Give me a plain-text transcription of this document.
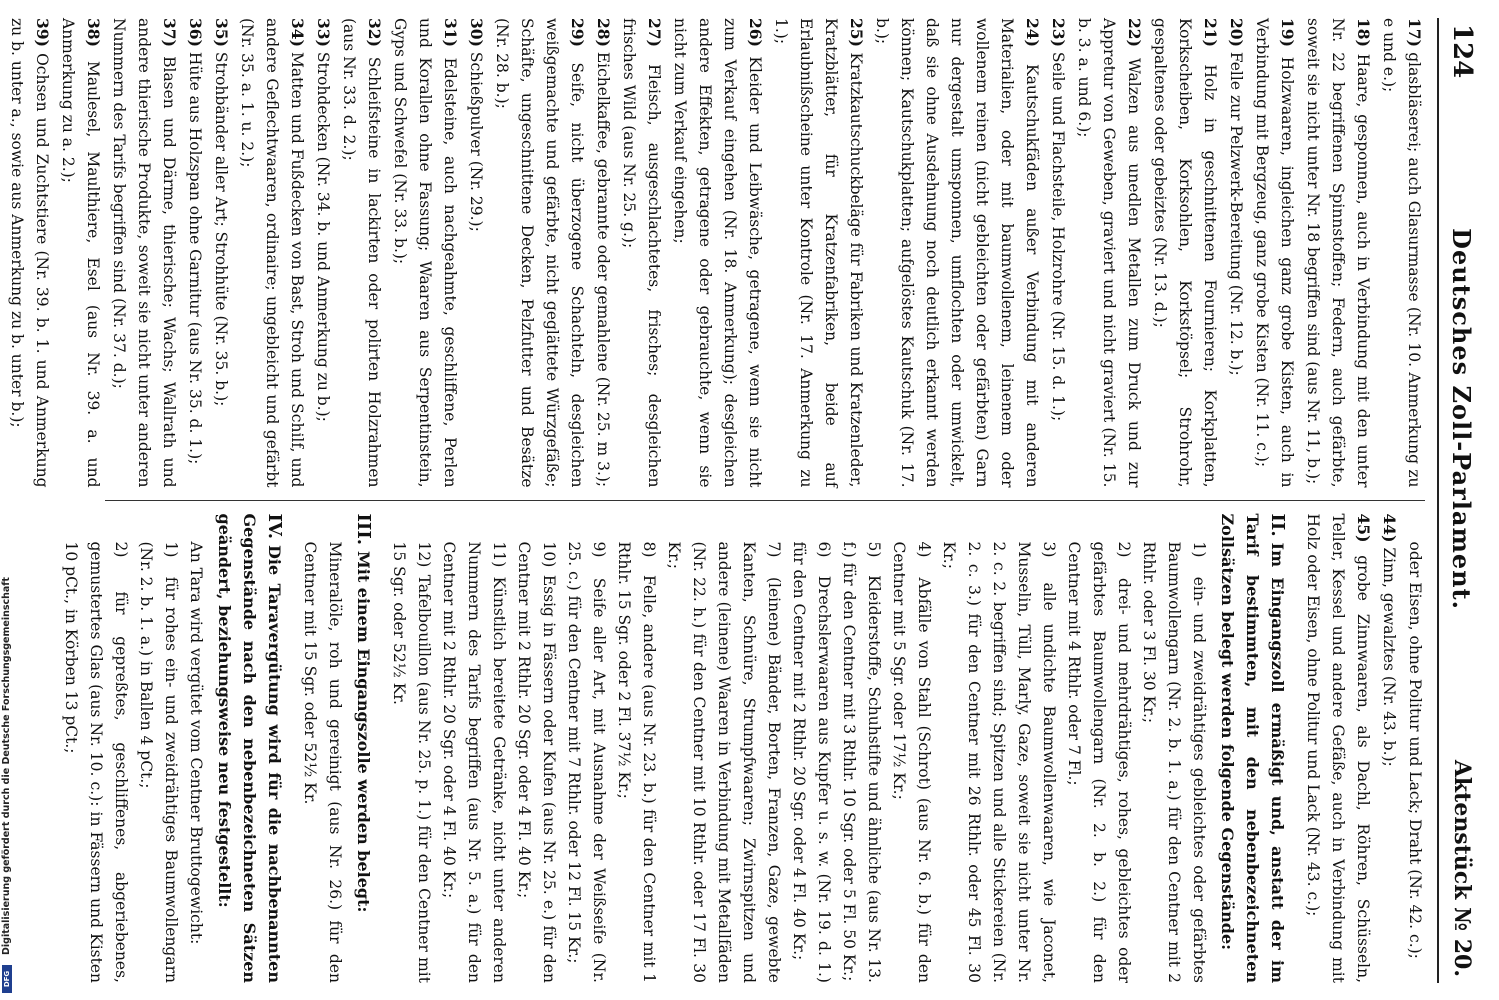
Digitalisierung gefördert durch die Deutsche Forschungsgemeinschaft
DFG
124
Deutsches Zoll-Parlament.
Aktenstück № 20.

17) glasbläserei; auch Glasurmasse (Nr. 10. Anmerkung zu e und e.);

18) Haare, gesponnen, auch in Verbindung mit den unter Nr. 22 begriffenen Spinnstoffen; Federn, auch gefärbte, soweit sie nicht unter Nr. 18 begriffen sind (aus Nr. 11, b.);

19) Holzwaaren, ingleichen ganz grobe Kisten, auch in Verbindung mit Bergzeug, ganz grobe Kisten (Nr. 11. c.);

20) Felle zur Pelzwerk-Bereitung (Nr. 12. b.);

21) Holz in geschnittenen Fournieren; Korkplatten, Korkscheiben, Korksohlen, Korkstöpsel; Strohrohr, gespaltenes oder gebeiztes (Nr. 13. d.);

22) Walzen aus unedlen Metallen zum Druck und zur Appretur von Geweben, graviert und nicht graviert (Nr. 15. b. 3. a. und 6.);

23) Seile und Flachsteile, Holzrohre (Nr. 15. d. 1.);

24) Kautschukfäden außer Verbindung mit anderen Materialien, oder mit baumwollenem, leinenem oder wollenem reinen (nicht gebleichten oder gefärbten) Garn nur dergestalt umsponnen, umflochten oder umwickelt, daß sie ohne Ausdehnung noch deutlich erkannt werden können; Kautschukplatten; aufgelöstes Kautschuk (Nr. 17. b.);

25) Kratzkautschuckbeläge für Fabriken und Kratzenleder, Kratzblätter, für Kratzenfabriken, beide auf Erlaubnißscheine unter Kontrole (Nr. 17. Anmerkung zu 1.);

26) Kleider und Leibwäsche, getragene, wenn sie nicht zum Verkauf eingehen (Nr. 18. Anmerkung); desgleichen andere Effekten, getragene oder gebrauchte, wenn sie nicht zum Verkauf eingehen;

27) Fleisch, ausgeschlachtetes, frisches; desgleichen frisches Wild (aus Nr. 25. g.);

28) Eichelkaffee, gebrannte oder gemahlene (Nr. 25. m 3.);

29) Seife, nicht überzogene Schachteln, desgleichen weißgemachte und gefärbte, nicht geglättete Würzgefäße; Schäfte, ungeschnittene Decken, Pelzfutter und Besätze (Nr. 28. b.);

30) Schießpulver (Nr. 29.);

31) Edelsteine, auch nachgeahmte, geschliffene, Perlen und Korallen ohne Fassung; Waaren aus Serpentinstein, Gyps und Schwefel (Nr. 33. b.);

32) Schleifsteine in lackirten oder polirten Holzrahmen (aus Nr. 33. d. 2.);

33) Strohdecken (Nr. 34. b. und Anmerkung zu b.);

34) Matten und Fußdecken von Bast, Stroh und Schilf, und andere Geflechtwaaren, ordinaire; ungebleicht und gefärbt (Nr. 35. a. 1. u. 2.);

35) Strohbänder aller Art; Strohhüte (Nr. 35. b.);

36) Hüte aus Holzspan ohne Garnitur (aus Nr. 35. d. 1.);

37) Blasen und Därme, thierische; Wachs; Wallrath und andere thierische Produkte, soweit sie nicht unter anderen Nummern des Tarifs begriffen sind (Nr. 37. d.);

38) Maulesel, Maulthiere, Esel (aus Nr. 39. a. und Anmerkung zu a. 2.);

39) Ochsen und Zuchtstiere (Nr. 39. b. 1. und Anmerkung zu b. unter a., sowie aus Anmerkung zu b. unter b.);

oder Eisen, ohne Politur und Lack; Draht (Nr. 42. c.);

44) Zinn, gewalztes (Nr. 43. b.);

45) grobe Zinnwaaren, als Dachl, Röhren, Schüsseln, Teller, Kessel und andere Gefäße, auch in Verbindung mit Holz oder Eisen, ohne Politur und Lack (Nr. 43. c.);

II.Im Eingangszoll ermäßigt und, anstatt der im Tarif bestimmten, mit den nebenbezeichneten Zollsätzen belegt werden folgende Gegenstände:

1) ein- und zweidrähtiges gebleichtes oder gefärbtes Baumwollengarn (Nr. 2. b. 1. a.) für den Centner mit 2 Rthlr. oder 3 Fl. 30 Kr.;

2) drei- und mehrdrähtiges, rohes, gebleichtes oder gefärbtes Baumwollengarn (Nr. 2. b. 2.) für den Centner mit 4 Rthlr. oder 7 Fl.;

3) alle undichte Baumwollenwaaren, wie Jaconet, Musselin, Tüll, Marly, Gaze, soweit sie nicht unter Nr. 2. c. 2. begriffen sind; Spitzen und alle Stickereien (Nr. 2. c. 3.) für den Centner mit 26 Rthlr. oder 45 Fl. 30 Kr.;

4) Abfälle von Stahl (Schrot) (aus Nr. 6. b.) für den Centner mit 5 Sgr. oder 17½ Kr.;

5) Kleiderstoffe, Schuhstifte und ähnliche (aus Nr. 13. f.) für den Centner mit 3 Rthlr. 10 Sgr. oder 5 Fl. 50 Kr.;

6) Drechslerwaaren aus Kupfer u. s. w. (Nr. 19. d. 1.) für den Centner mit 2 Rthlr. 20 Sgr. oder 4 Fl. 40 Kr.;

7) (leinene) Bänder, Borten, Franzen, Gaze, gewebte Kanten, Schnüre, Strumpfwaaren; Zwirnspitzen und andere (leinene) Waaren in Verbindung mit Metallfäden (Nr. 22. h.) für den Centner mit 10 Rthlr. oder 17 Fl. 30 Kr.;

8) Felle, andere (aus Nr. 23. b.) für den Centner mit 1 Rthlr. 15 Sgr. oder 2 Fl. 37½ Kr.;

9) Seife aller Art, mit Ausnahme der Weißseife (Nr. 25. c.) für den Centner mit 7 Rthlr. oder 12 Fl. 15 Kr.;

10) Essig in Fässern oder Kufen (aus Nr. 25. e.) für den Centner mit 2 Rthlr. 20 Sgr. oder 4 Fl. 40 Kr.;

11) Künstlich bereitete Getränke, nicht unter anderen Nummern des Tarifs begriffen (aus Nr. 5. a.) für den Centner mit 2 Rthlr. 20 Sgr. oder 4 Fl. 40 Kr.;

12) Tafelbouillon (aus Nr. 25. p. 1.) für den Centner mit 15 Sgr. oder 52½ Kr.

III.Mit einem Eingangszolle werden belegt:

Mineralöle, roh und gereinigt (aus Nr. 26.) für den Centner mit 15 Sgr. oder 52½ Kr.

IV.Die Taravergütung wird für die nachbenannten Gegenstände nach den nebenbezeichneten Sätzen geändert, beziehungsweise neu festgestellt:

An Tara wird vergütet vom Centner Bruttogewicht:

1) für rohes ein- und zweidrähtiges Baumwollengarn (Nr. 2. b. 1. a.) in Ballen 4 pCt.;

2) für gepreßtes, geschliffenes, abgeriebenes, gemustertes Glas (aus Nr. 10. c.): in Fässern und Kisten 10 pCt., in Körben 13 pCt.;
